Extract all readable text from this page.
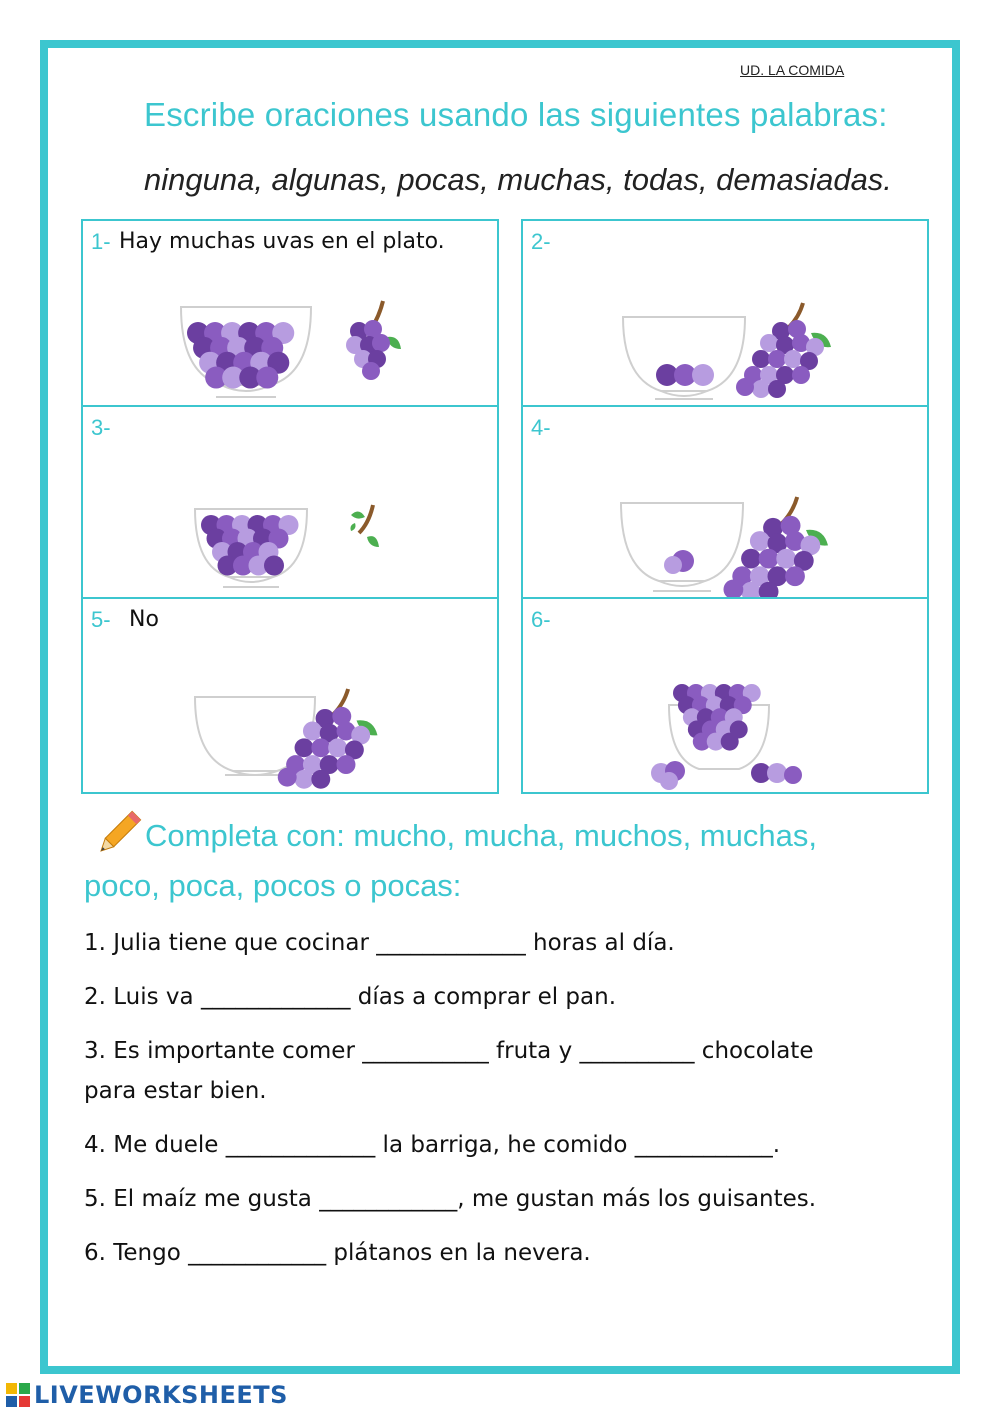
UD. LA COMIDA
Escribe oraciones usando las siguientes palabras:
ninguna, algunas, pocas, muchas, todas, demasiadas.
1- Hay muchas uvas en el plato.	2-
3-	4-
5- No	6-
Completa con: mucho, mucha, muchos, muchas,
poco, poca, pocos o pocas:
1. Julia tiene que cocinar _____________ horas al día.
2. Luis va _____________ días a comprar el pan.
3. Es importante comer ___________ fruta y __________ chocolate
para estar bien.
4. Me duele _____________ la barriga, he comido ____________.
5. El maíz me gusta ____________, me gustan más los guisantes.
6. Tengo ____________ plátanos en la nevera.
LIVEWORKSHEETS
